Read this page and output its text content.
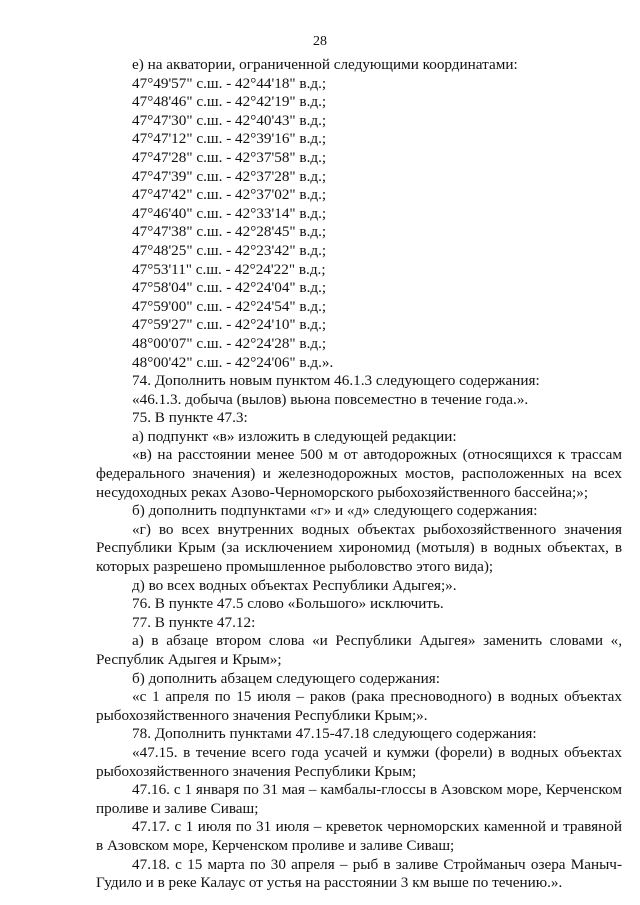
28

е) на акватории, ограниченной следующими координатами:

47°49'57" с.ш. - 42°44'18" в.д.;

47°48'46" с.ш. - 42°42'19" в.д.;

47°47'30" с.ш. - 42°40'43" в.д.;

47°47'12" с.ш. - 42°39'16" в.д.;

47°47'28" с.ш. - 42°37'58" в.д.;

47°47'39" с.ш. - 42°37'28" в.д.;

47°47'42" с.ш. - 42°37'02" в.д.;

47°46'40" с.ш. - 42°33'14" в.д.;

47°47'38" с.ш. - 42°28'45" в.д.;

47°48'25" с.ш. - 42°23'42" в.д.;

47°53'11" с.ш. - 42°24'22" в.д.;

47°58'04" с.ш. - 42°24'04" в.д.;

47°59'00" с.ш. - 42°24'54" в.д.;

47°59'27" с.ш. - 42°24'10" в.д.;

48°00'07" с.ш. - 42°24'28" в.д.;

48°00'42" с.ш. - 42°24'06" в.д.».

74. Дополнить новым пунктом 46.1.3 следующего содержания:

«46.1.3. добыча (вылов) вьюна повсеместно в течение года.».

75. В пункте 47.3:

а) подпункт «в» изложить в следующей редакции:

«в) на расстоянии менее 500 м от автодорожных (относящихся к трассам федерального значения) и железнодорожных мостов, расположенных на всех несудоходных реках Азово-Черноморского рыбохозяйственного бассейна;»;

б) дополнить подпунктами «г» и «д» следующего содержания:

«г) во всех внутренних водных объектах рыбохозяйственного значения Республики Крым (за исключением хирономид (мотыля) в водных объектах, в которых разрешено промышленное рыболовство этого вида);

д) во всех водных объектах Республики Адыгея;».

76. В пункте 47.5 слово «Большого» исключить.

77. В пункте 47.12:

а) в абзаце втором слова «и Республики Адыгея» заменить словами «, Республик Адыгея и Крым»;

б) дополнить абзацем следующего содержания:

«с 1 апреля по 15 июля – раков (рака пресноводного) в водных объектах рыбохозяйственного значения Республики Крым;».

78. Дополнить пунктами 47.15-47.18 следующего содержания:

«47.15. в течение всего года усачей и кумжи (форели) в водных объектах рыбохозяйственного значения Республики Крым;

47.16. с 1 января по 31 мая – камбалы-глоссы в Азовском море, Керченском проливе и заливе Сиваш;

47.17. с 1 июля по 31 июля – креветок черноморских каменной и травяной в Азовском море, Керченском проливе и заливе Сиваш;

47.18. с 15 марта по 30 апреля – рыб в заливе Стройманыч озера Маныч-Гудило и в реке Калаус от устья на расстоянии 3 км выше по течению.».
